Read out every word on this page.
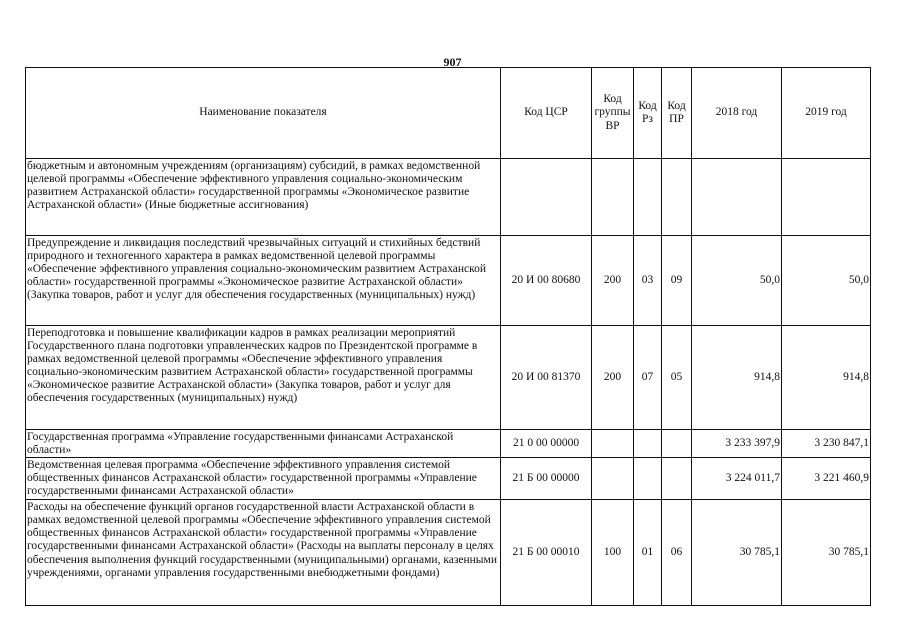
907
Наименование показателя	Код ЦСР	Код группы ВР	Код Рз	Код ПР	2018 год	2019 год
бюджетным и автономным учреждениям (организациям) субсидий, в рамках ведомственной целевой программы «Обеспечение эффективного управления социально-экономическим развитием Астраханской области» государственной программы «Экономическое развитие Астраханской области» (Иные бюджетные ассигнования)						
Предупреждение и ликвидация последствий чрезвычайных ситуаций и стихийных бедствий природного и техногенного характера в рамках ведомственной целевой программы «Обеспечение эффективного управления социально-экономическим развитием Астраханской области» государственной программы «Экономическое развитие Астраханской области» (Закупка товаров, работ и услуг для обеспечения государственных (муниципальных) нужд)	20 И 00 80680	200	03	09	50,0	50,0
Переподготовка и повышение квалификации кадров в рамках реализации мероприятий Государственного плана подготовки управленческих кадров по Президентской программе в рамках ведомственной целевой программы «Обеспечение эффективного управления социально-экономическим развитием Астраханской области» государственной программы «Экономическое развитие Астраханской области» (Закупка товаров, работ и услуг для обеспечения государственных (муниципальных) нужд)	20 И 00 81370	200	07	05	914,8	914,8
Государственная программа «Управление государственными финансами Астраханской области»	21 0 00 00000				3 233 397,9	3 230 847,1
Ведомственная целевая программа «Обеспечение эффективного управления системой общественных финансов Астраханской области» государственной программы «Управление государственными финансами Астраханской области»	21 Б 00 00000				3 224 011,7	3 221 460,9
Расходы на обеспечение функций органов государственной власти Астраханской области в рамках ведомственной целевой программы «Обеспечение эффективного управления системой общественных финансов Астраханской области» государственной программы «Управление государственными финансами Астраханской области» (Расходы на выплаты персоналу в целях обеспечения выполнения функций государственными (муниципальными) органами, казенными учреждениями, органами управления государственными внебюджетными фондами)	21 Б 00 00010	100	01	06	30 785,1	30 785,1
